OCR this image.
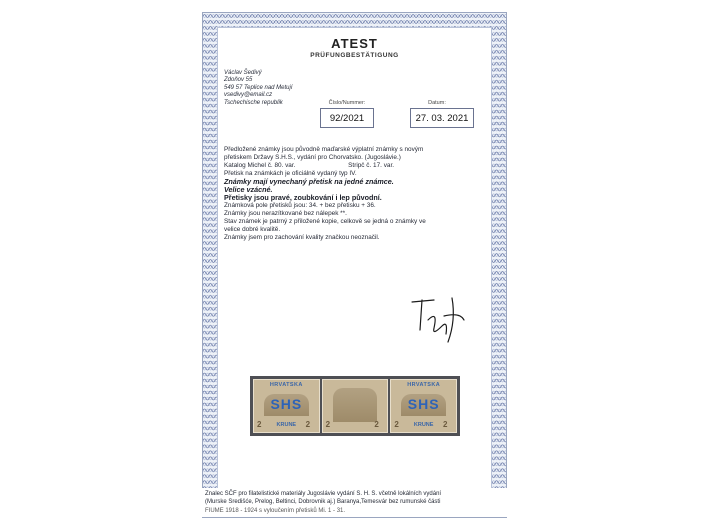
ATEST
PRÜFUNGBESTÄTIGUNG
Václav Šedivý
Zdoňov 55
549 57 Teplice nad Metují
vsedivy@email.cz
Tschechische republik	Číslo/Nummer:
92/2021
Datum:
27. 03. 2021
Předložené známky jsou původně maďarské výplatní známky s novým
přetiskem Državy S.H.S., vydání pro Chorvatsko. (Jugoslávie.)
Katalog Michel č. 80. var.	Stripč č. 17. var.
Přetisk na známkách je oficiálně vydaný typ IV.
Známky mají vynechaný přetisk na jedné známce.
Velice vzácné.
Přetisky jsou pravé, zoubkování i lep původní.
Známková pole přetisků jsou: 34. + bez přetisku + 36.
Známky jsou nerazítkované bez nálepek **.
Stav známek je patrný z přiložené kopie, celkově se jedná o známky ve
velice dobré kvalitě.
Známky jsem pro zachování kvality značkou neoznačil.
HRVATSKA
SHS
KRUNE
2	2	2	2
HRVATSKA
SHS
KRUNE
2	2
Znalec SČF pro filatelistické materiály Jugoslávie vydání S. H. S. včetně lokálních vydání
(Murske Središće, Prelog, Beltinci, Dobrovnik aj.) Baranya,Temesvár bez rumunské části
FIUME 1918 - 1924 s vyloučením přetisků Mi. 1 - 31.
